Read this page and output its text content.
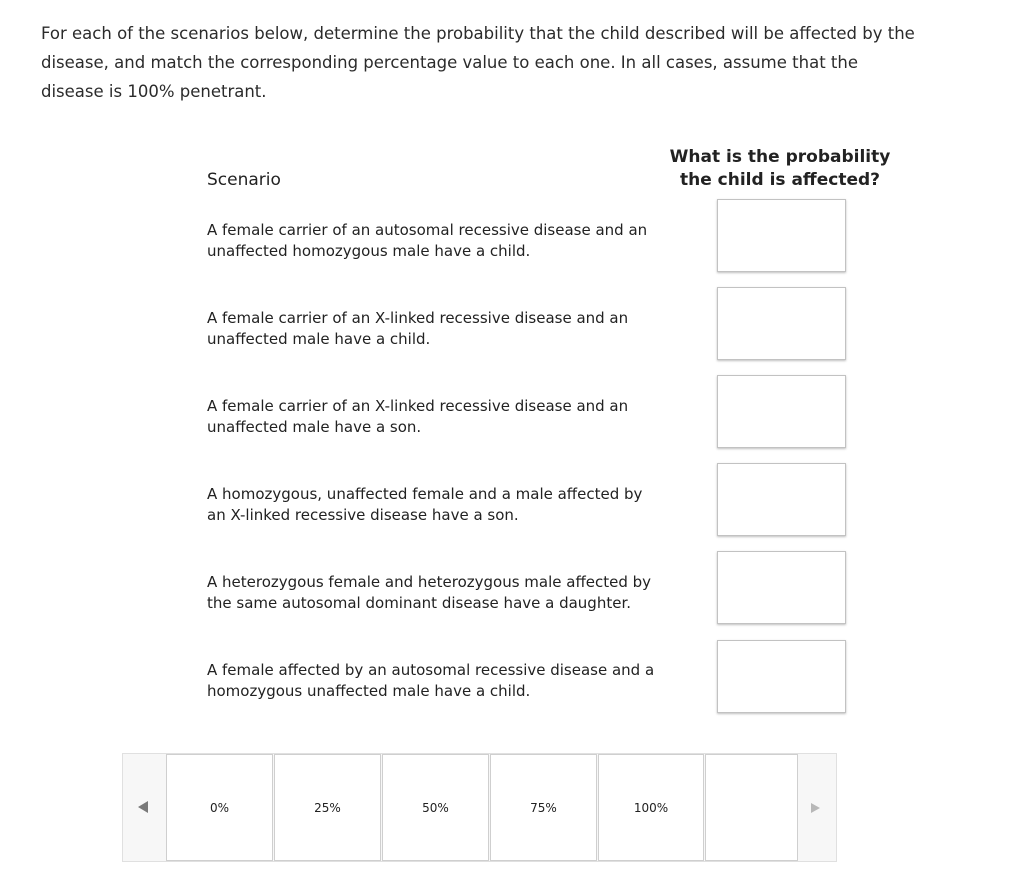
For each of the scenarios below, determine the probability that the child described will be affected by the disease, and match the corresponding percentage value to each one. In all cases, assume that the disease is 100% penetrant.

Scenario
What is the probability
the child is affected?
A female carrier of an autosomal recessive disease and an
unaffected homozygous male have a child.
A female carrier of an X-linked recessive disease and an
unaffected male have a child.
A female carrier of an X-linked recessive disease and an
unaffected male have a son.
A homozygous, unaffected female and a male affected by
an X-linked recessive disease have a son.
A heterozygous female and heterozygous male affected by
the same autosomal dominant disease have a daughter.
A female affected by an autosomal recessive disease and a
homozygous unaffected male have a child.
0%	25%	50%	75%	100%
